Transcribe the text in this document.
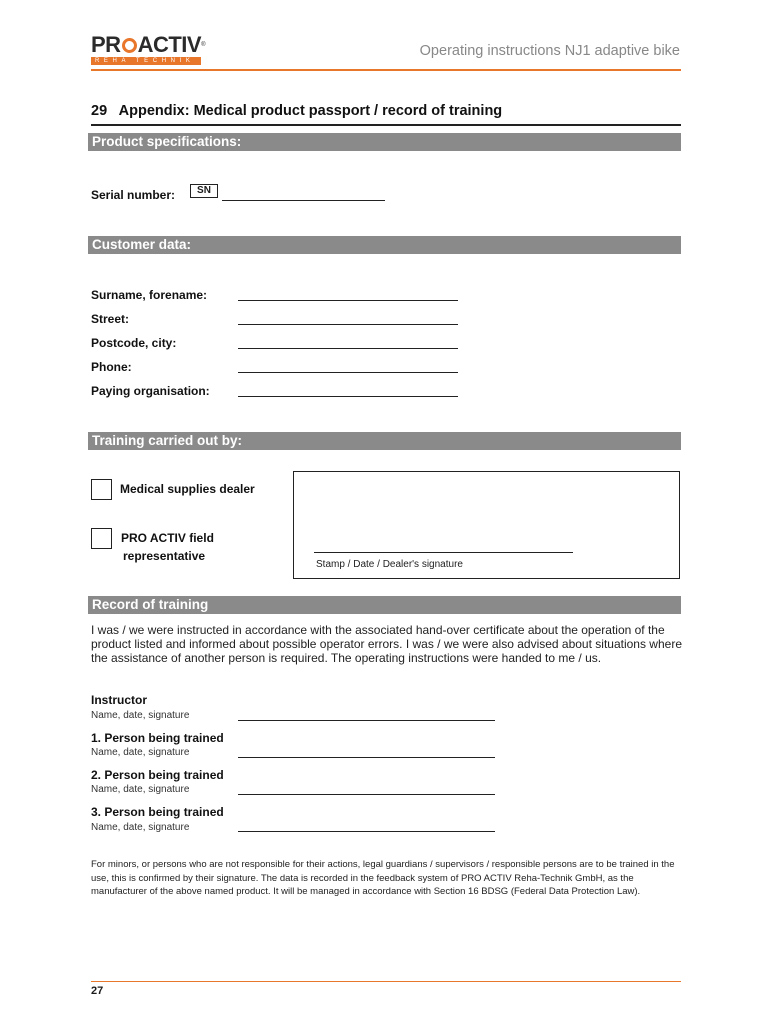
PR ACTIV®
REHA TECHNIK
Operating instructions NJ1 adaptive bike
29   Appendix: Medical product passport / record of training
Product specifications:
Serial number:	SN
Customer data:
Surname, forename:
Street:
Postcode, city:
Phone:
Paying organisation:
Training carried out by:
Medical supplies dealer
PRO ACTIV field
representative
Stamp / Date / Dealer's signature
Record of training
I was / we were instructed in accordance with the associated hand-over certificate about the operation of the product listed and informed about possible operator errors. I was / we were also advised about situations where the assistance of another person is required. The operating instructions were handed to me / us.
Instructor
Name, date, signature
1. Person being trained
Name, date, signature
2. Person being trained
Name, date, signature
3. Person being trained
Name, date, signature
For minors, or persons who are not responsible for their actions, legal guardians / supervisors / responsible persons are to be trained in the use, this is confirmed by their signature. The data is recorded in the feedback system of PRO ACTIV Reha-Technik GmbH, as the manufacturer of the above named product. It will be managed in accordance with Section 16 BDSG (Federal Data Protection Law).
27
